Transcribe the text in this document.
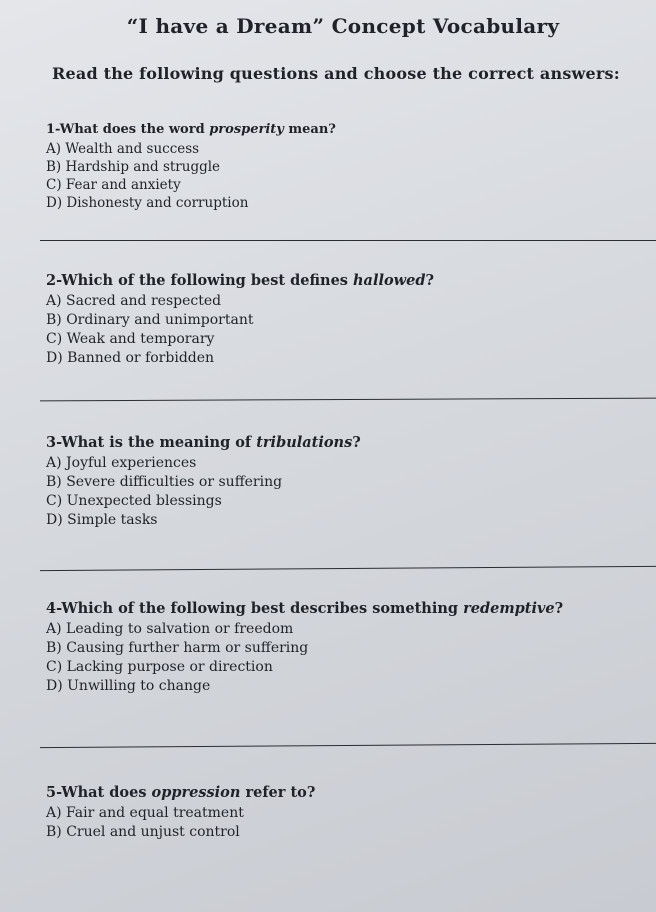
“I have a Dream” Concept Vocabulary
Read the following questions and choose the correct answers:
1-What does the word prosperity mean?
A) Wealth and success
B) Hardship and struggle
C) Fear and anxiety
D) Dishonesty and corruption
2-Which of the following best defines hallowed?
A) Sacred and respected
B) Ordinary and unimportant
C) Weak and temporary
D) Banned or forbidden
3-What is the meaning of tribulations?
A) Joyful experiences
B) Severe difficulties or suffering
C) Unexpected blessings
D) Simple tasks
4-Which of the following best describes something redemptive?
A) Leading to salvation or freedom
B) Causing further harm or suffering
C) Lacking purpose or direction
D) Unwilling to change
5-What does oppression refer to?
A) Fair and equal treatment
B) Cruel and unjust control
